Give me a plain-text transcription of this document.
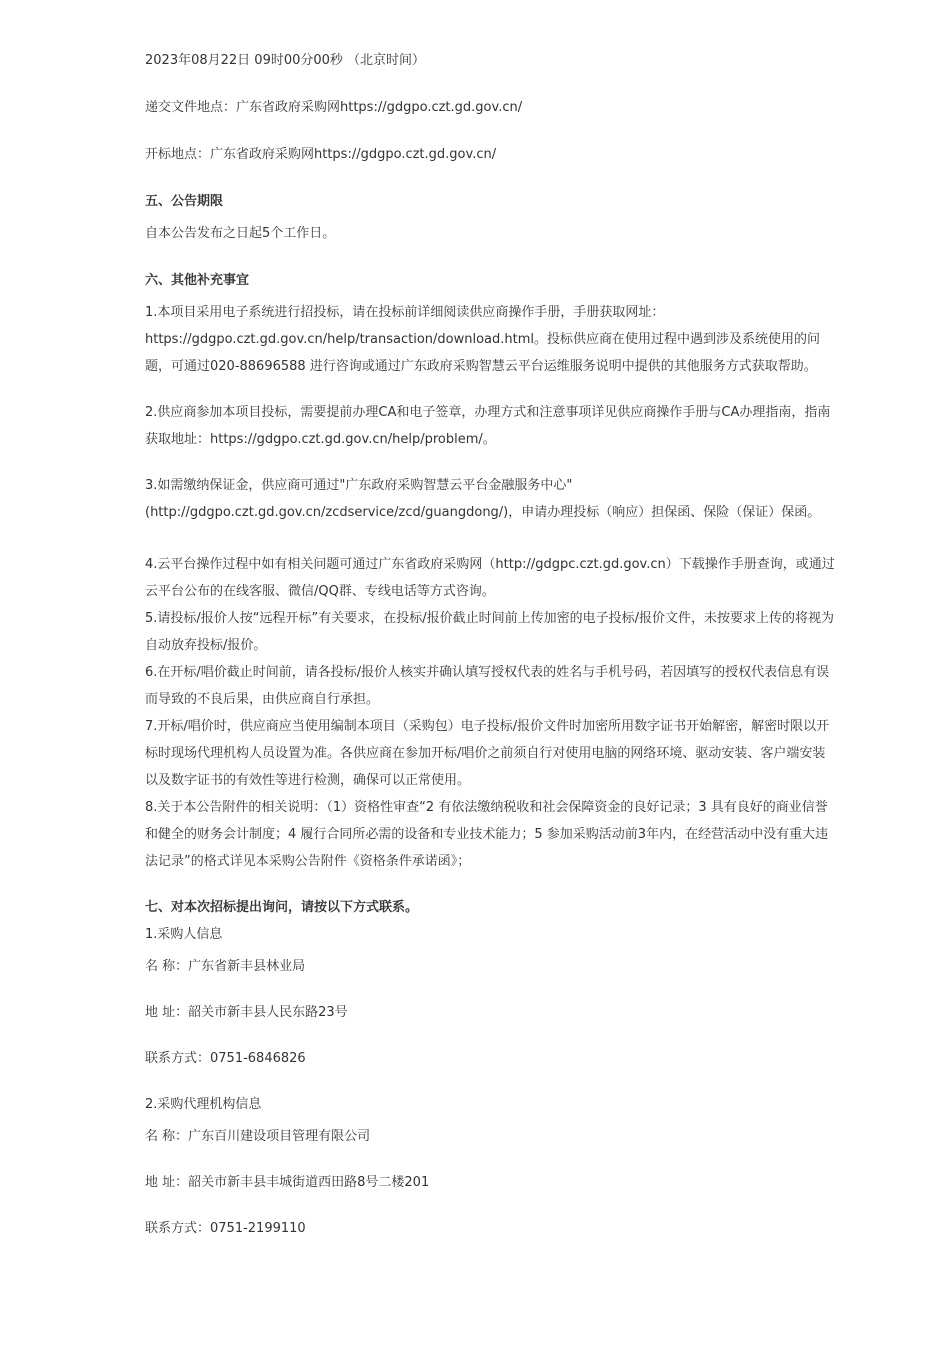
2023年08月22日 09时00分00秒 （北京时间）

递交文件地点：广东省政府采购网https://gdgpo.czt.gd.gov.cn/

开标地点：广东省政府采购网https://gdgpo.czt.gd.gov.cn/

五、公告期限

自本公告发布之日起5个工作日。

六、其他补充事宜

1.本项目采用电子系统进行招投标，请在投标前详细阅读供应商操作手册，手册获取网址：https://gdgpo.czt.gd.gov.cn/help/transaction/download.html。投标供应商在使用过程中遇到涉及系统使用的问题，可通过020-88696588 进行咨询或通过广东政府采购智慧云平台运维服务说明中提供的其他服务方式获取帮助。

2.供应商参加本项目投标，需要提前办理CA和电子签章，办理方式和注意事项详见供应商操作手册与CA办理指南，指南获取地址：https://gdgpo.czt.gd.gov.cn/help/problem/。

3.如需缴纳保证金，供应商可通过"广东政府采购智慧云平台金融服务中心"(http://gdgpo.czt.gd.gov.cn/zcdservice/zcd/guangdong/)，申请办理投标（响应）担保函、保险（保证）保函。

4.云平台操作过程中如有相关问题可通过广东省政府采购网（http://gdgpc.czt.gd.gov.cn）下载操作手册查询，或通过云平台公布的在线客服、微信/QQ群、专线电话等方式咨询。

5.请投标/报价人按“远程开标”有关要求，在投标/报价截止时间前上传加密的电子投标/报价文件，未按要求上传的将视为自动放弃投标/报价。

6.在开标/唱价截止时间前，请各投标/报价人核实并确认填写授权代表的姓名与手机号码，若因填写的授权代表信息有误而导致的不良后果，由供应商自行承担。

7.开标/唱价时，供应商应当使用编制本项目（采购包）电子投标/报价文件时加密所用数字证书开始解密，解密时限以开标时现场代理机构人员设置为准。各供应商在参加开标/唱价之前须自行对使用电脑的网络环境、驱动安装、客户端安装以及数字证书的有效性等进行检测，确保可以正常使用。

8.关于本公告附件的相关说明：（1）资格性审查“2 有依法缴纳税收和社会保障资金的良好记录；3 具有良好的商业信誉和健全的财务会计制度；4 履行合同所必需的设备和专业技术能力；5 参加采购活动前3年内，在经营活动中没有重大违法记录”的格式详见本采购公告附件《资格条件承诺函》；

七、对本次招标提出询问，请按以下方式联系。

1.采购人信息

名 称：广东省新丰县林业局

地 址：韶关市新丰县人民东路23号

联系方式：0751-6846826

2.采购代理机构信息

名 称：广东百川建设项目管理有限公司

地 址：韶关市新丰县丰城街道西田路8号二楼201

联系方式：0751-2199110
